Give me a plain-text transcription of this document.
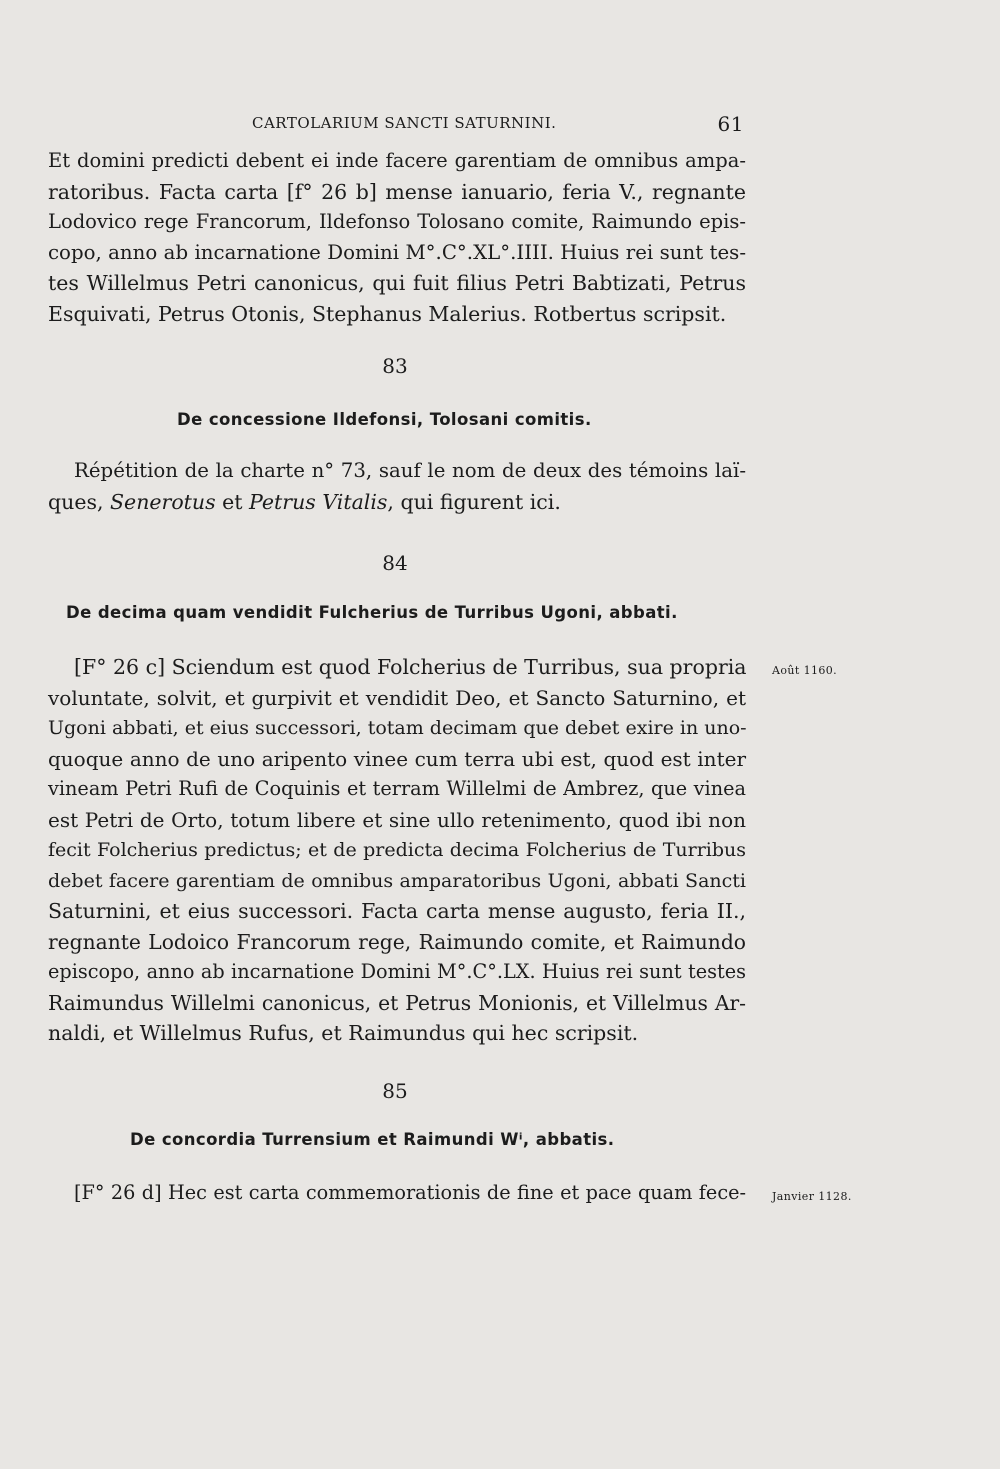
CARTOLARIUM SANCTI SATURNINI.	61
Et domini predicti debent ei inde facere garentiam de omnibus ampa-
ratoribus. Facta carta [f° 26 b] mense ianuario, feria V., regnante
Lodovico rege Francorum, Ildefonso Tolosano comite, Raimundo epis-
copo, anno ab incarnatione Domini M°.C°.XL°.IIII. Huius rei sunt tes-
tes Willelmus Petri canonicus, qui fuit filius Petri Babtizati, Petrus
Esquivati, Petrus Otonis, Stephanus Malerius. Rotbertus scripsit.
83
De concessione Ildefonsi, Tolosani comitis.
Répétition de la charte n° 73, sauf le nom de deux des témoins laï-
ques, Senerotus et Petrus Vitalis, qui figurent ici.
84
De decima quam vendidit Fulcherius de Turribus Ugoni, abbati.
Août 1160.
[F° 26 c] Sciendum est quod Folcherius de Turribus, sua propria
voluntate, solvit, et gurpivit et vendidit Deo, et Sancto Saturnino, et
Ugoni abbati, et eius successori, totam decimam que debet exire in uno-
quoque anno de uno aripento vinee cum terra ubi est, quod est inter
vineam Petri Rufi de Coquinis et terram Willelmi de Ambrez, que vinea
est Petri de Orto, totum libere et sine ullo retenimento, quod ibi non
fecit Folcherius predictus; et de predicta decima Folcherius de Turribus
debet facere garentiam de omnibus amparatoribus Ugoni, abbati Sancti
Saturnini, et eius successori. Facta carta mense augusto, feria II.,
regnante Lodoico Francorum rege, Raimundo comite, et Raimundo
episcopo, anno ab incarnatione Domini M°.C°.LX. Huius rei sunt testes
Raimundus Willelmi canonicus, et Petrus Monionis, et Villelmus Ar-
naldi, et Willelmus Rufus, et Raimundus qui hec scripsit.
85
De concordia Turrensium et Raimundi Wⁱ, abbatis.
Janvier 1128.
[F° 26 d] Hec est carta commemorationis de fine et pace quam fece-
